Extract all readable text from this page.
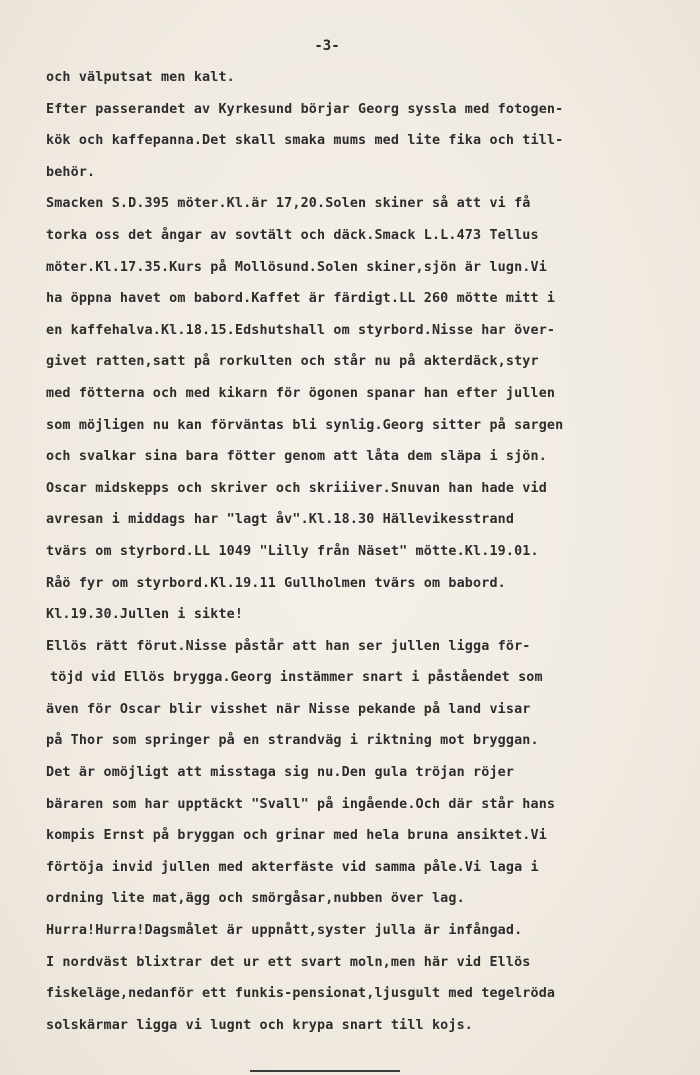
-3-
och välputsat men kalt.
Efter passerandet av Kyrkesund börjar Georg syssla med fotogen-
kök och kaffepanna.Det skall smaka mums med lite fika och till-
behör.
Smacken S.D.395 möter.Kl.är 17,20.Solen skiner så att vi få
torka oss det ångar av sovtält och däck.Smack L.L.473 Tellus
möter.Kl.17.35.Kurs på Mollösund.Solen skiner,sjön är lugn.Vi
ha öppna havet om babord.Kaffet är färdigt.LL 260 mötte mitt i
en kaffehalva.Kl.18.15.Edshutshall om styrbord.Nisse har över-
givet ratten,satt på rorkulten och står nu på akterdäck,styr
med fötterna och med kikarn för ögonen spanar han efter jullen
som möjligen nu kan förväntas bli synlig.Georg sitter på sargen
och svalkar sina bara fötter genom att låta dem släpa i sjön.
Oscar midskepps och skriver och skriiiver.Snuvan han hade vid
avresan i middags har "lagt åv".Kl.18.30 Hällevikesstrand
tvärs om styrbord.LL 1049 "Lilly från Näset" mötte.Kl.19.01.
Råö fyr om styrbord.Kl.19.11 Gullholmen tvärs om babord.
Kl.19.30.Jullen i sikte!
Ellös rätt förut.Nisse påstår att han ser jullen ligga för-
töjd vid Ellös brygga.Georg instämmer snart i påståendet som
även för Oscar blir visshet när Nisse pekande på land visar
på Thor som springer på en strandväg i riktning mot bryggan.
Det är omöjligt att misstaga sig nu.Den gula tröjan röjer
bäraren som har upptäckt "Svall" på ingående.Och där står hans
kompis Ernst på bryggan och grinar med hela bruna ansiktet.Vi
förtöja invid jullen med akterfäste vid samma påle.Vi laga i
ordning lite mat,ägg och smörgåsar,nubben över lag.
Hurra!Hurra!Dagsmålet är uppnått,syster julla är infångad.
I nordväst blixtrar det ur ett svart moln,men här vid Ellös
fiskeläge,nedanför ett funkis-pensionat,ljusgult med tegelröda
solskärmar ligga vi lugnt och krypa snart till kojs.
